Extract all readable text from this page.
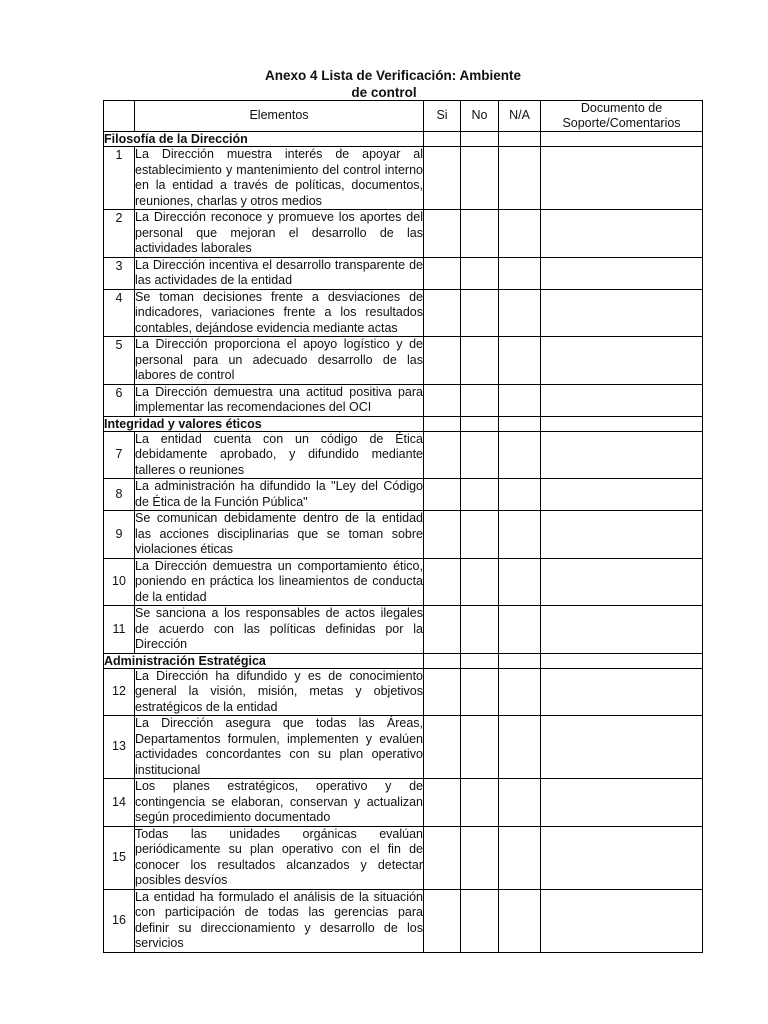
Anexo 4 Lista de Verificación: Ambiente
de control
	Elementos	Si	No	N/A	Documento de
Soporte/Comentarios
Filosofía de la Dirección					
1	La Dirección muestra interés de apoyar al establecimiento y mantenimiento del control interno en la entidad a través de políticas, documentos, reuniones, charlas y otros medios				
2	La Dirección reconoce y promueve los aportes del personal que mejoran el desarrollo de las actividades laborales				
3	La Dirección incentiva el desarrollo transparente de las actividades de la entidad				
4	Se toman decisiones frente a desviaciones de indicadores, variaciones frente a los resultados contables, dejándose evidencia mediante actas				
5	La Dirección proporciona el apoyo logístico y de personal para un adecuado desarrollo de las labores de control				
6	La Dirección demuestra una actitud positiva para implementar las recomendaciones del OCI				
Integridad y valores éticos					
7	La entidad cuenta con un código de Ética debidamente aprobado, y difundido mediante talleres o reuniones				
8	La administración ha difundido la "Ley del Código de Ética de la Función Pública"				
9	Se comunican debidamente dentro de la entidad las acciones disciplinarias que se toman sobre violaciones éticas				
10	La Dirección demuestra un comportamiento ético, poniendo en práctica los lineamientos de conducta de la entidad				
11	Se sanciona a los responsables de actos ilegales de acuerdo con las políticas definidas por la Dirección				
Administración Estratégica					
12	La Dirección ha difundido y es de conocimiento general la visión, misión, metas y objetivos estratégicos de la entidad				
13	La Dirección asegura que todas las Áreas, Departamentos formulen, implementen y evalúen actividades concordantes con su plan operativo institucional				
14	Los planes estratégicos, operativo y de contingencia se elaboran, conservan y actualizan según procedimiento documentado				
15	Todas las unidades orgánicas evalúan periódicamente su plan operativo con el fin de conocer los resultados alcanzados y detectar posibles desvíos				
16	La entidad ha formulado el análisis de la situación con participación de todas las gerencias para definir su direccionamiento y desarrollo de los servicios				
